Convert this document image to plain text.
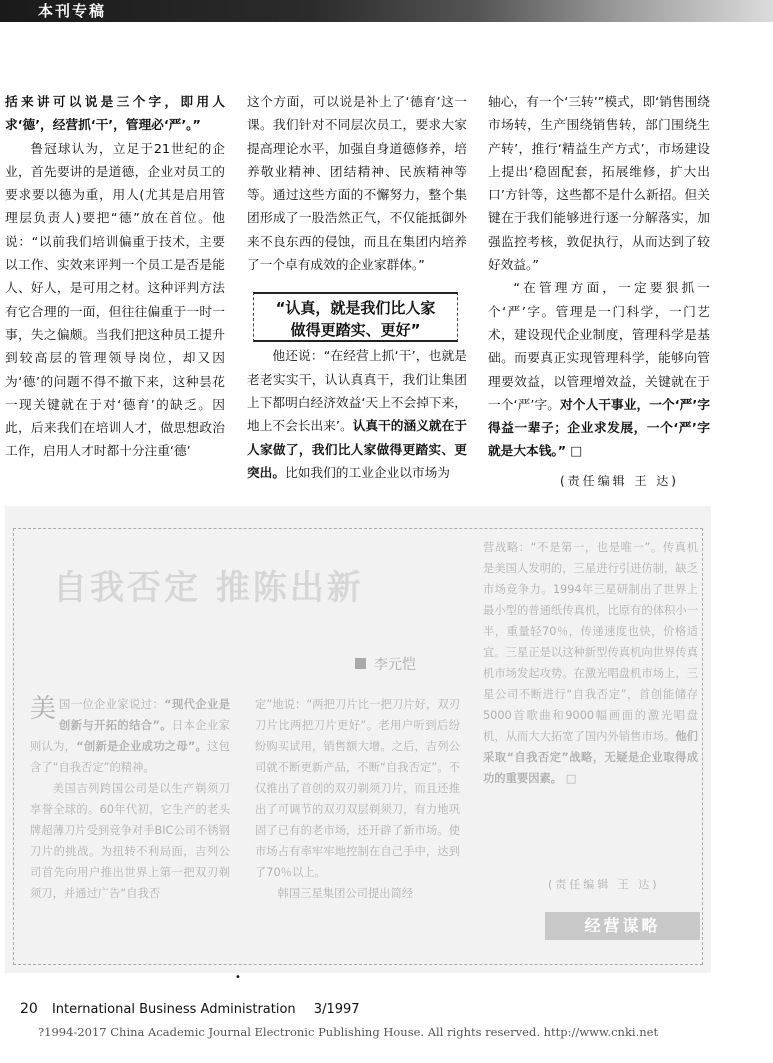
本刊专稿

括来讲可以说是三个字，即用人求‘德’，经营抓‘干’，管理必‘严’。”

鲁冠球认为，立足于21世纪的企业，首先要讲的是道德，企业对员工的要求要以德为重，用人(尤其是启用管理层负责人)要把“德”放在首位。他说：“以前我们培训偏重于技术，主要以工作、实效来评判一个员工是否是能人、好人，是可用之材。这种评判方法有它合理的一面，但往往偏重于一时一事，失之偏颇。当我们把这种员工提升到较高层的管理领导岗位，却又因为‘德’的问题不得不撤下来，这种昙花一现关键就在于对‘德育’的缺乏。因此，后来我们在培训人才，做思想政治工作，启用人才时都十分注重‘德’

这个方面，可以说是补上了‘德育’这一课。我们针对不同层次员工，要求大家提高理论水平，加强自身道德修养，培养敬业精神、团结精神、民族精神等等。通过这些方面的不懈努力，整个集团形成了一股浩然正气，不仅能抵御外来不良东西的侵蚀，而且在集团内培养了一个卓有成效的企业家群体。”

他还说：“在经营上抓‘干’，也就是老老实实干，认认真真干，我们让集团上下都明白经济效益‘天上不会掉下来，地上不会长出来’。认真干的涵义就在于人家做了，我们比人家做得更踏实、更突出。比如我们的工业企业以市场为

“认真，就是我们比人家
做得更踏实、更好”

轴心，有一个‘三转’”模式，即‘销售围绕市场转，生产围绕销售转，部门围绕生产转’，推行‘精益生产方式’，市场建设上提出‘稳固配套，拓展维修，扩大出口’方针等，这些都不是什么新招。但关键在于我们能够进行逐一分解落实，加强监控考核，敦促执行，从而达到了较好效益。”

“在管理方面，一定要狠抓一个‘严’字。管理是一门科学，一门艺术，建设现代企业制度，管理科学是基础。而要真正实现管理科学，能够向管理要效益，以管理增效益，关键就在于一个‘严’字。对个人干事业，一个‘严’字得益一辈子；企业求发展，一个‘严’字就是大本钱。” □

(责任编辑 王 达)
自我否定 推陈出新
李元恺

美国一位企业家说过：“现代企业是创新与开拓的结合”。日本企业家则认为，“创新是企业成功之母”。这包含了“自我否定”的精神。

美国吉列跨国公司是以生产剃须刀享誉全球的。60年代初，它生产的老头牌超薄刀片受到竞争对手BIC公司不锈钢刀片的挑战。为扭转不利局面，吉列公司首先向用户推出世界上第一把双刃剃须刀，并通过广告“自我否

定”地说：“两把刀片比一把刀片好，双刃刀片比两把刀片更好”。老用户听到后纷纷购买试用，销售额大增。之后，吉列公司就不断更新产品，不断“自我否定”。不仅推出了首创的双刃剃须刀片，而且还推出了可调节的双刃双层剃须刀，有力地巩固了已有的老市场，还开辟了新市场。使市场占有率牢牢地控制在自己手中，达到了70％以上。

韩国三星集团公司提出简经

营战略：“不是第一，也是唯一”。传真机是美国人发明的，三星进行引进仿制，缺乏市场竞争力。1994年三星研制出了世界上最小型的普通纸传真机，比原有的体积小一半，重量轻70％，传递速度也快，价格适宜。三星正是以这种新型传真机向世界传真机市场发起攻势。在激光唱盘机市场上，三星公司不断进行“自我否定”，首创能储存5000首歌曲和9000幅画面的激光唱盘机，从而大大拓宽了国内外销售市场。他们采取“自我否定”战略，无疑是企业取得成功的重要因素。 □

(责任编辑 王 达)
经营谋略
•
20 International Business Administration 3/1997
?1994-2017 China Academic Journal Electronic Publishing House. All rights reserved. http://www.cnki.net
